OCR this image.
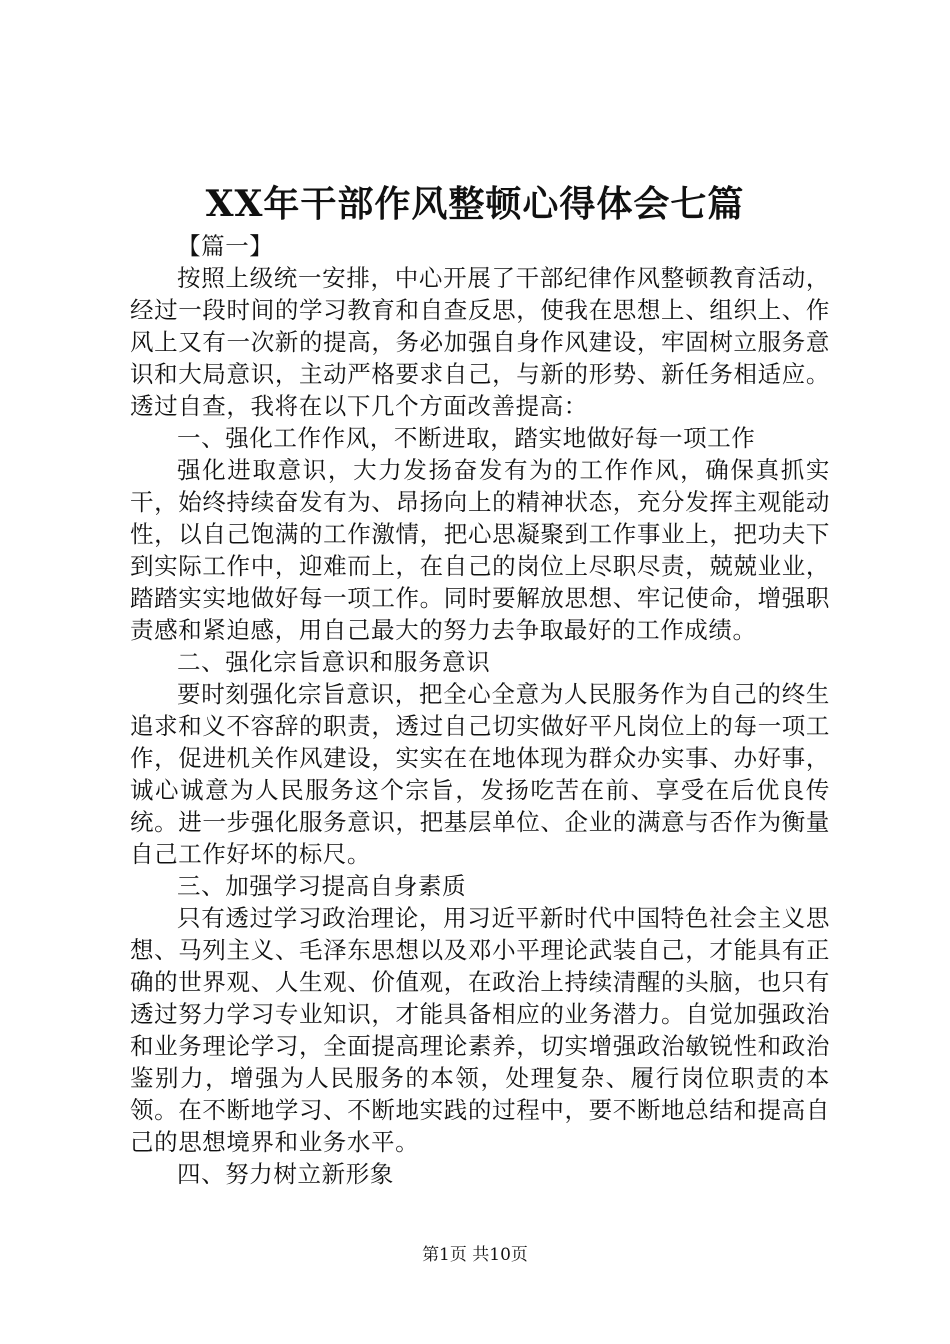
XX年干部作风整顿心得体会七篇

【篇一】

按照上级统一安排，中心开展了干部纪律作风整顿教育活动，经过一段时间的学习教育和自查反思，使我在思想上、组织上、作风上又有一次新的提高，务必加强自身作风建设，牢固树立服务意识和大局意识，主动严格要求自己，与新的形势、新任务相适应。透过自查，我将在以下几个方面改善提高：

一、强化工作作风，不断进取，踏实地做好每一项工作

强化进取意识，大力发扬奋发有为的工作作风，确保真抓实干，始终持续奋发有为、昂扬向上的精神状态，充分发挥主观能动性，以自己饱满的工作激情，把心思凝聚到工作事业上，把功夫下到实际工作中，迎难而上，在自己的岗位上尽职尽责，兢兢业业，踏踏实实地做好每一项工作。同时要解放思想、牢记使命，增强职责感和紧迫感，用自己最大的努力去争取最好的工作成绩。

二、强化宗旨意识和服务意识

要时刻强化宗旨意识，把全心全意为人民服务作为自己的终生追求和义不容辞的职责，透过自己切实做好平凡岗位上的每一项工作，促进机关作风建设，实实在在地体现为群众办实事、办好事，诚心诚意为人民服务这个宗旨，发扬吃苦在前、享受在后优良传统。进一步强化服务意识，把基层单位、企业的满意与否作为衡量自己工作好坏的标尺。

三、加强学习提高自身素质

只有透过学习政治理论，用习近平新时代中国特色社会主义思想、马列主义、毛泽东思想以及邓小平理论武装自己，才能具有正确的世界观、人生观、价值观，在政治上持续清醒的头脑，也只有透过努力学习专业知识，才能具备相应的业务潜力。自觉加强政治和业务理论学习，全面提高理论素养，切实增强政治敏锐性和政治鉴别力，增强为人民服务的本领，处理复杂、履行岗位职责的本领。在不断地学习、不断地实践的过程中，要不断地总结和提高自己的思想境界和业务水平。

四、努力树立新形象

第1页 共10页
